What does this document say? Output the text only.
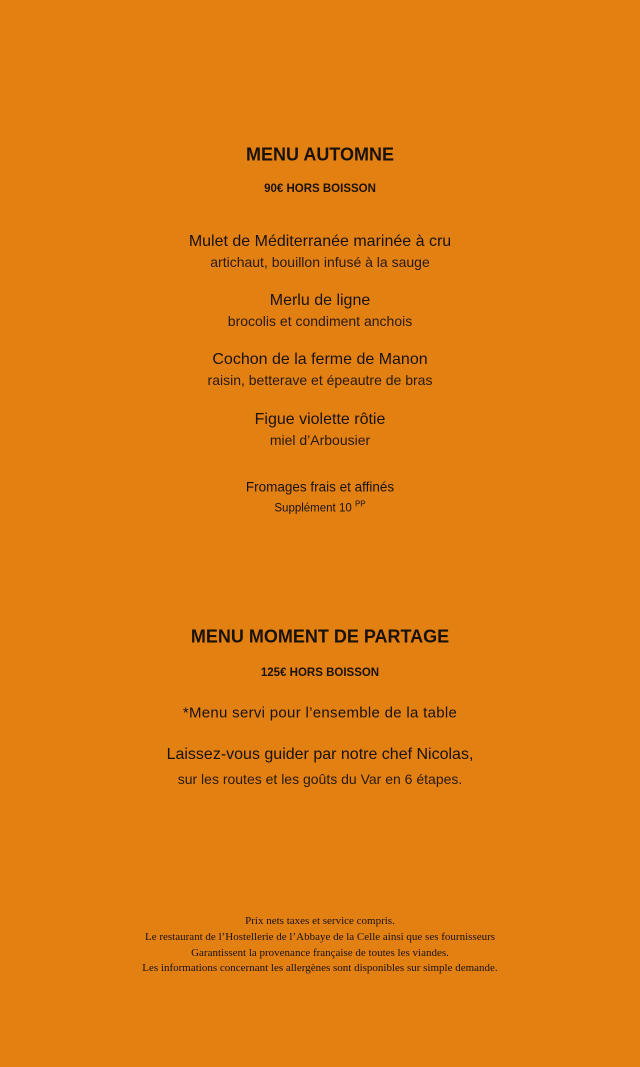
MENU AUTOMNE
90€ HORS BOISSON
Mulet de Méditerranée marinée à cru
artichaut, bouillon infusé à la sauge
Merlu de ligne
brocolis et condiment anchois
Cochon de la ferme de Manon
raisin, betterave et épeautre de bras
Figue violette rôtie
miel d’Arbousier
Fromages frais et affinés
Supplément 10 $^{PP}$
MENU MOMENT DE PARTAGE
125€ HORS BOISSON
*Menu servi pour l’ensemble de la table
Laissez-vous guider par notre chef Nicolas,
sur les routes et les goûts du Var en 6 étapes.
Prix nets taxes et service compris.
Le restaurant de l’Hostellerie de l’Abbaye de la Celle ainsi que ses fournisseurs
Garantissent la provenance française de toutes les viandes.
Les informations concernant les allergènes sont disponibles sur simple demande.
